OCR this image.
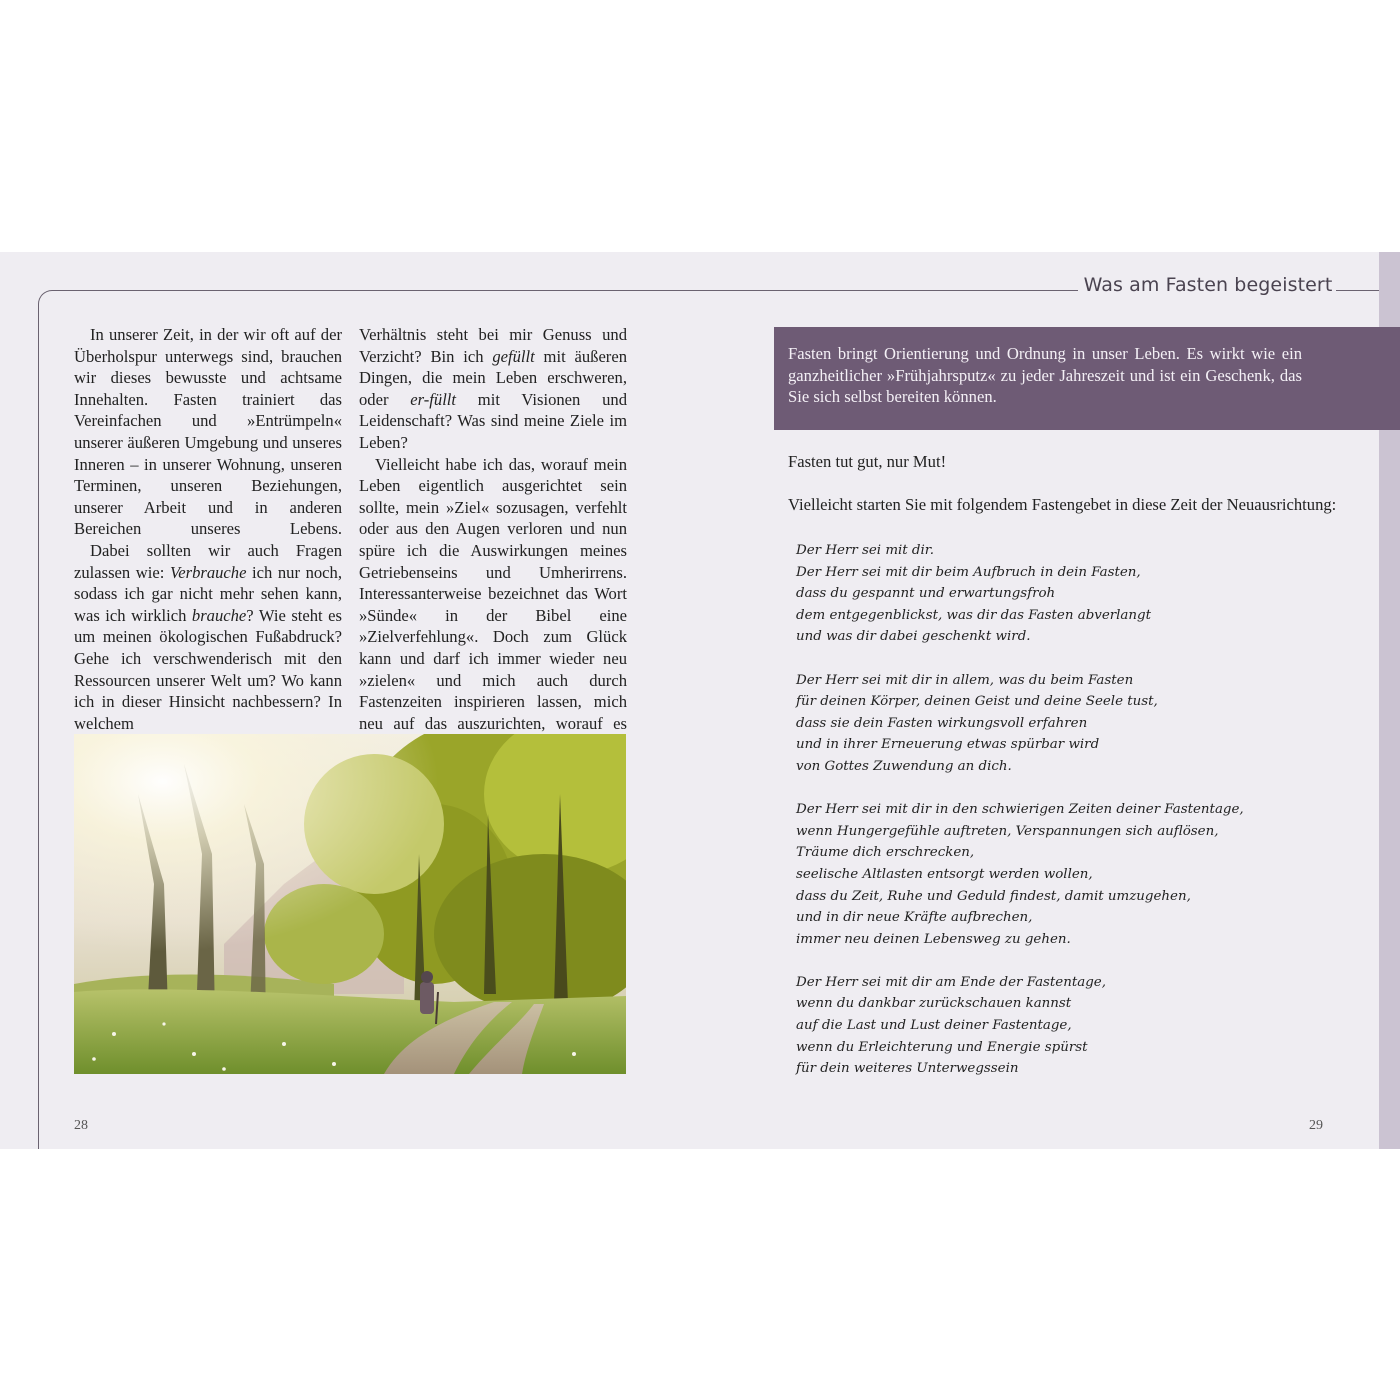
Was am Fasten begeistert

In unserer Zeit, in der wir oft auf der Überholspur unterwegs sind, brauchen wir dieses bewusste und achtsame Innehalten. Fasten trainiert das Vereinfachen und »Entrümpeln« unserer äußeren Umgebung und unseres Inneren – in unserer Wohnung, unseren Terminen, unseren Beziehungen, unserer Arbeit und in anderen Bereichen unseres Lebens.

Dabei sollten wir auch Fragen zulassen wie: Verbrauche ich nur noch, sodass ich gar nicht mehr sehen kann, was ich wirklich brauche? Wie steht es um meinen ökologischen Fußabdruck? Gehe ich verschwenderisch mit den Ressourcen unserer Welt um? Wo kann ich in dieser Hinsicht nachbessern? In welchem

Verhältnis steht bei mir Genuss und Verzicht? Bin ich gefüllt mit äußeren Dingen, die mein Leben erschweren, oder er-füllt mit Visionen und Leidenschaft? Was sind meine Ziele im Leben?

Vielleicht habe ich das, worauf mein Leben eigentlich ausgerichtet sein sollte, mein »Ziel« sozusagen, verfehlt oder aus den Augen verloren und nun spüre ich die Auswirkungen meines Getriebenseins und Umherirrens. Interessanterweise bezeichnet das Wort »Sünde« in der Bibel eine »Zielverfehlung«. Doch zum Glück kann und darf ich immer wieder neu »zielen« und mich auch durch Fastenzeiten inspirieren lassen, mich neu auf das auszurichten, worauf es

Fasten bringt Orientierung und Ordnung in unser Leben. Es wirkt wie ein ganzheitlicher »Frühjahrsputz« zu jeder Jahreszeit und ist ein Geschenk, das Sie sich selbst bereiten können.

Fasten tut gut, nur Mut!
Vielleicht starten Sie mit folgendem Fastengebet in diese Zeit der Neuausrichtung:
Der Herr sei mit dir.
Der Herr sei mit dir beim Aufbruch in dein Fasten,
dass du gespannt und erwartungsfroh
dem entgegenblickst, was dir das Fasten abverlangt
und was dir dabei geschenkt wird.
Der Herr sei mit dir in allem, was du beim Fasten
für deinen Körper, deinen Geist und deine Seele tust,
dass sie dein Fasten wirkungsvoll erfahren
und in ihrer Erneuerung etwas spürbar wird
von Gottes Zuwendung an dich.
Der Herr sei mit dir in den schwierigen Zeiten deiner Fastentage,
wenn Hungergefühle auftreten, Verspannungen sich auflösen,
Träume dich erschrecken,
seelische Altlasten entsorgt werden wollen,
dass du Zeit, Ruhe und Geduld findest, damit umzugehen,
und in dir neue Kräfte aufbrechen,
immer neu deinen Lebensweg zu gehen.
Der Herr sei mit dir am Ende der Fastentage,
wenn du dankbar zurückschauen kannst
auf die Last und Lust deiner Fastentage,
wenn du Erleichterung und Energie spürst
für dein weiteres Unterwegssein
28	29
